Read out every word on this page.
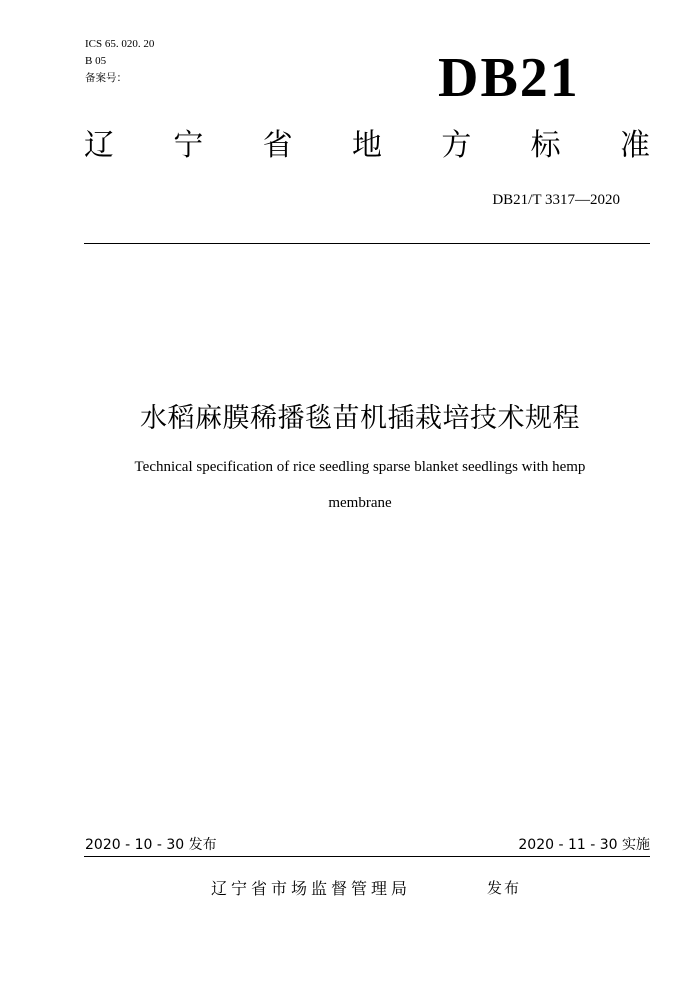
ICS 65. 020. 20
B 05
备案号：	DB21
辽 宁 省 地 方 标 准
DB21/T 3317—2020
水稻麻膜稀播毯苗机插栽培技术规程
Technical specification of rice seedling sparse blanket seedlings with hemp
membrane
2020 - 10 - 30 发布	2020 - 11 - 30 实施
辽宁省市场监督管理局	发布
